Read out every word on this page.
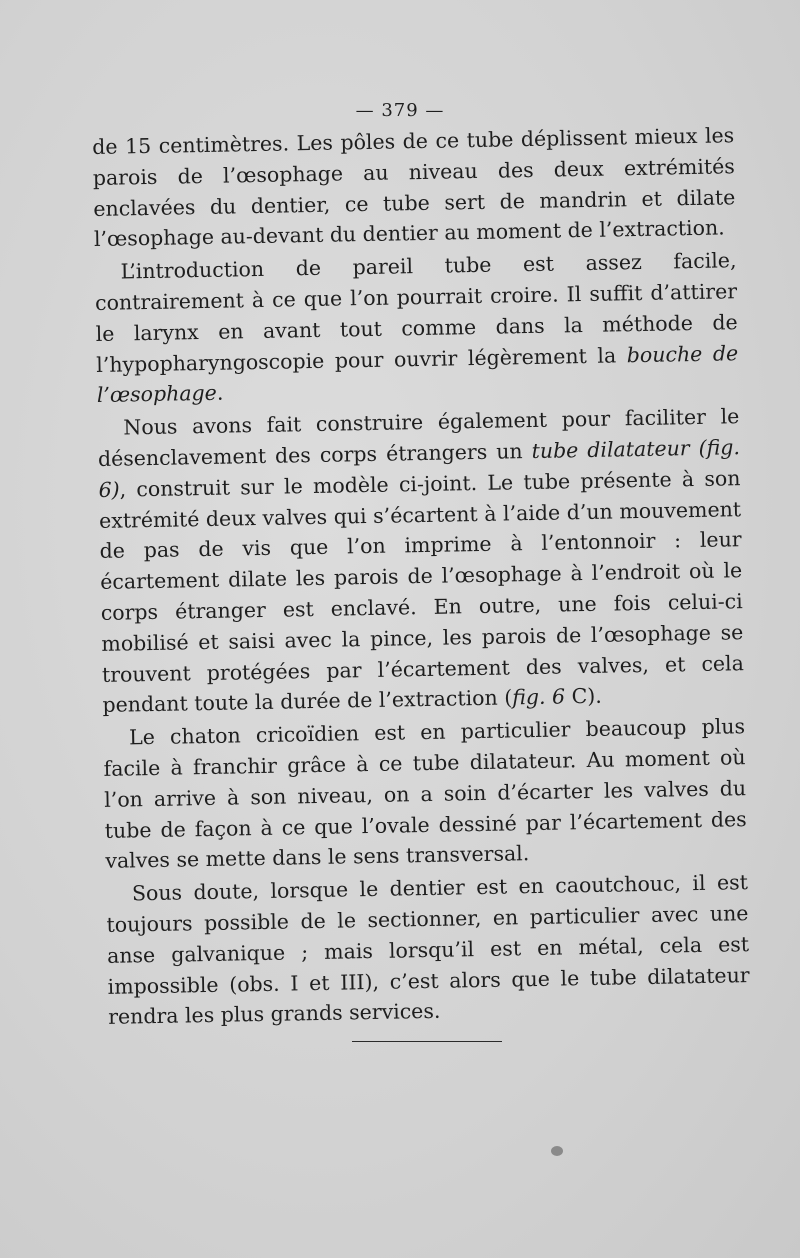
— 379 —

de 15 centimètres. Les pôles de ce tube déplissent mieux les parois de l’œsophage au niveau des deux extrémités enclavées du dentier, ce tube sert de mandrin et dilate l’œsophage au-devant du dentier au moment de l’extraction.

L’introduction de pareil tube est assez facile, contrairement à ce que l’on pourrait croire. Il suffit d’attirer le larynx en avant tout comme dans la méthode de l’hypopharyngoscopie pour ouvrir légèrement la bouche de l’œsophage.

Nous avons fait construire également pour faciliter le désenclavement des corps étrangers un tube dilatateur (fig. 6), construit sur le modèle ci-joint. Le tube présente à son extrémité deux valves qui s’écartent à l’aide d’un mouvement de pas de vis que l’on imprime à l’entonnoir : leur écartement dilate les parois de l’œsophage à l’endroit où le corps étranger est enclavé. En outre, une fois celui-ci mobilisé et saisi avec la pince, les parois de l’œsophage se trouvent protégées par l’écartement des valves, et cela pendant toute la durée de l’extraction (fig. 6 C).

Le chaton cricoïdien est en particulier beaucoup plus facile à franchir grâce à ce tube dilatateur. Au moment où l’on arrive à son niveau, on a soin d’écarter les valves du tube de façon à ce que l’ovale dessiné par l’écartement des valves se mette dans le sens transversal.

Sous doute, lorsque le dentier est en caoutchouc, il est toujours possible de le sectionner, en particulier avec une anse galvanique ; mais lorsqu’il est en métal, cela est impossible (obs. I et III), c’est alors que le tube dilatateur rendra les plus grands services.
